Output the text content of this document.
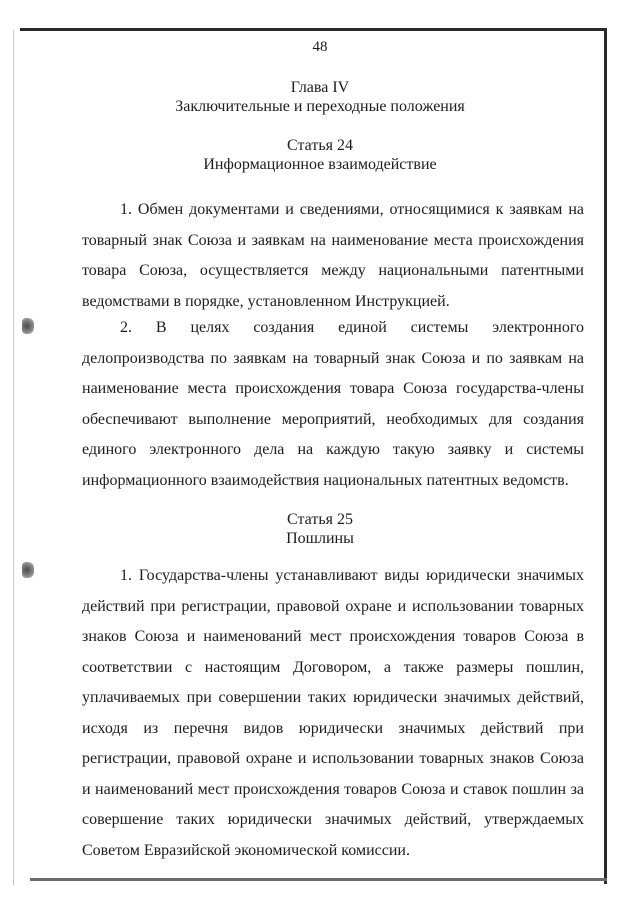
48
Глава IV
Заключительные и переходные положения
Статья 24
Информационное взаимодействие

1. Обмен документами и сведениями, относящимися к заявкам на товарный знак Союза и заявкам на наименование места происхождения товара Союза, осуществляется между национальными патентными ведомствами в порядке, установленном Инструкцией.

2. В целях создания единой системы электронного делопроизводства по заявкам на товарный знак Союза и по заявкам на наименование места происхождения товара Союза государства-члены обеспечивают выполнение мероприятий, необходимых для создания единого электронного дела на каждую такую заявку и системы информационного взаимодействия национальных патентных ведомств.

Статья 25
Пошлины

1. Государства-члены устанавливают виды юридически значимых действий при регистрации, правовой охране и использовании товарных знаков Союза и наименований мест происхождения товаров Союза в соответствии с настоящим Договором, а также размеры пошлин, уплачиваемых при совершении таких юридически значимых действий, исходя из перечня видов юридически значимых действий при регистрации, правовой охране и использовании товарных знаков Союза и наименований мест происхождения товаров Союза и ставок пошлин за совершение таких юридически значимых действий, утверждаемых Советом Евразийской экономической комиссии.
